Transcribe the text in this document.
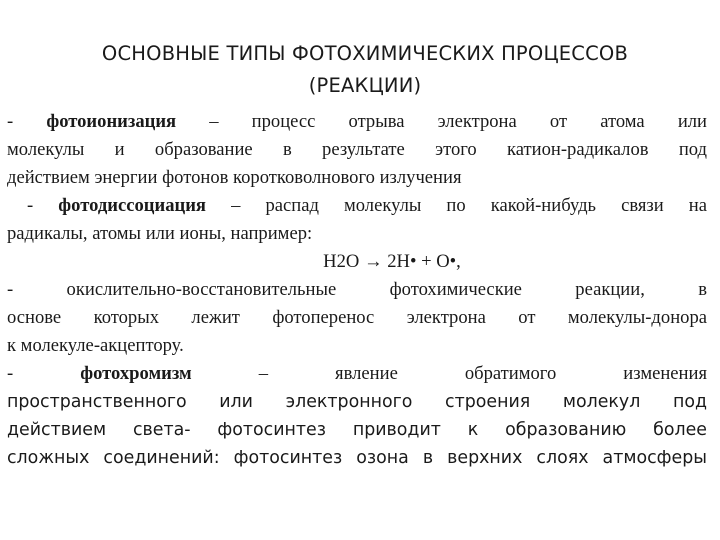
ОСНОВНЫЕ ТИПЫ ФОТОХИМИЧЕСКИХ ПРОЦЕССОВ
(РЕАКЦИИ)
- фотоионизация – процесс отрыва электрона от атома или
молекулы и образование в результате этого катион-радикалов под
действием энергии фотонов коротковолнового излучения
- фотодиссоциация – распад молекулы по какой-нибудь связи на
радикалы, атомы или ионы, например:
H2O → 2H• + O•,
- окислительно-восстановительные фотохимические реакции, в
основе которых лежит фотоперенос электрона от молекулы-донора
к молекуле-акцептору.
- фотохромизм – явление обратимого изменения
пространственного или электронного строения молекул под
действием света- фотосинтез приводит к образованию более
сложных соединений: фотосинтез озона в верхних слоях атмосферы
